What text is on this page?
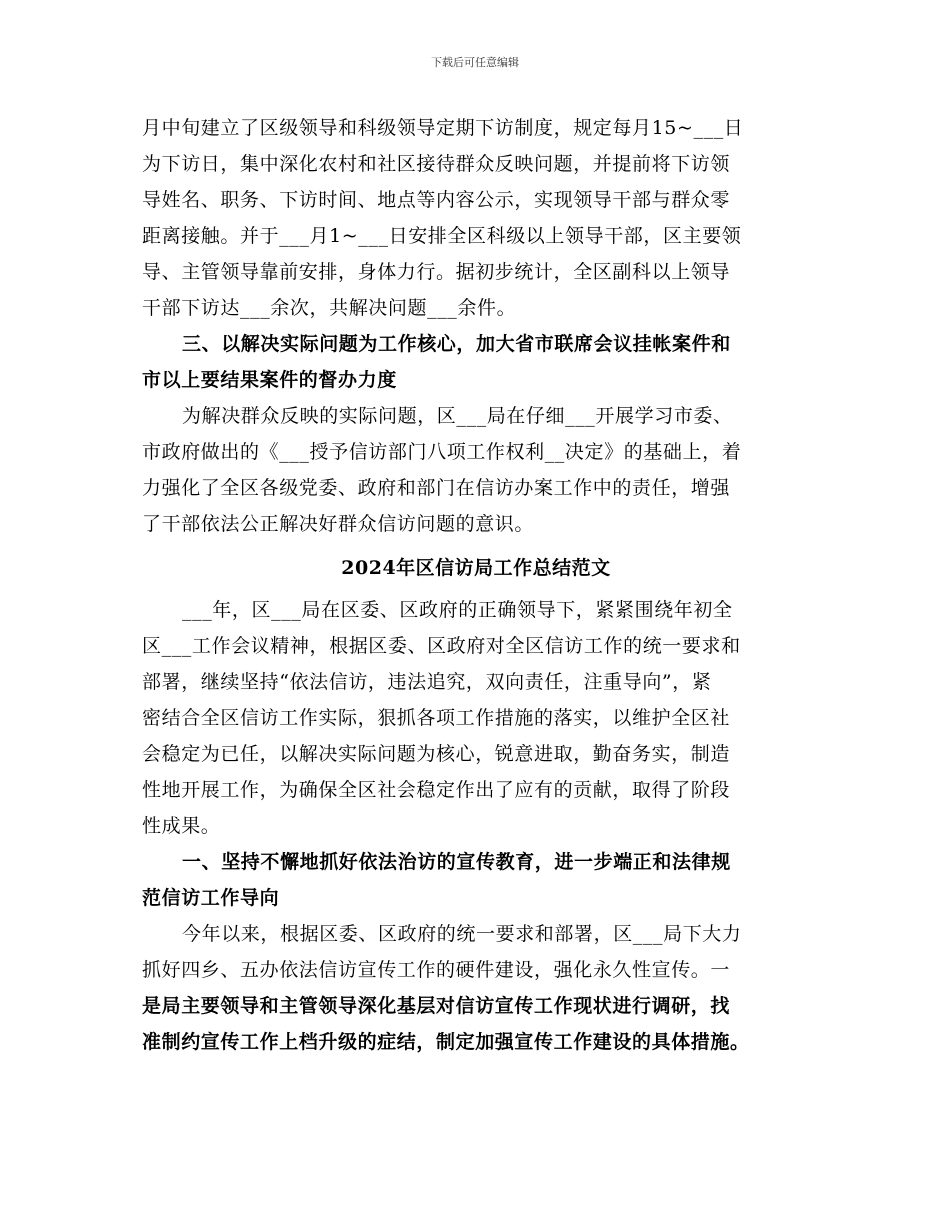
下载后可任意编辑
月中旬建立了区级领导和科级领导定期下访制度，规定每月15~___日
为下访日，集中深化农村和社区接待群众反映问题，并提前将下访领
导姓名、职务、下访时间、地点等内容公示，实现领导干部与群众零
距离接触。并于___月1~___日安排全区科级以上领导干部，区主要领
导、主管领导靠前安排，身体力行。据初步统计，全区副科以上领导
干部下访达___余次，共解决问题___余件。
三、以解决实际问题为工作核心，加大省市联席会议挂帐案件和
市以上要结果案件的督办力度
为解决群众反映的实际问题，区___局在仔细___开展学习市委、
市政府做出的《___授予信访部门八项工作权利__决定》的基础上，着
力强化了全区各级党委、政府和部门在信访办案工作中的责任，增强
了干部依法公正解决好群众信访问题的意识。
2024年区信访局工作总结范文
___年，区___局在区委、区政府的正确领导下，紧紧围绕年初全
区___工作会议精神，根据区委、区政府对全区信访工作的统一要求和
部署，继续坚持“依法信访，违法追究，双向责任，注重导向”，紧
密结合全区信访工作实际，狠抓各项工作措施的落实，以维护全区社
会稳定为已任，以解决实际问题为核心，锐意进取，勤奋务实，制造
性地开展工作，为确保全区社会稳定作出了应有的贡献，取得了阶段
性成果。
一、坚持不懈地抓好依法治访的宣传教育，进一步端正和法律规
范信访工作导向
今年以来，根据区委、区政府的统一要求和部署，区___局下大力
抓好四乡、五办依法信访宣传工作的硬件建设，强化永久性宣传。一
是局主要领导和主管领导深化基层对信访宣传工作现状进行调研，找
准制约宣传工作上档升级的症结，制定加强宣传工作建设的具体措施。
